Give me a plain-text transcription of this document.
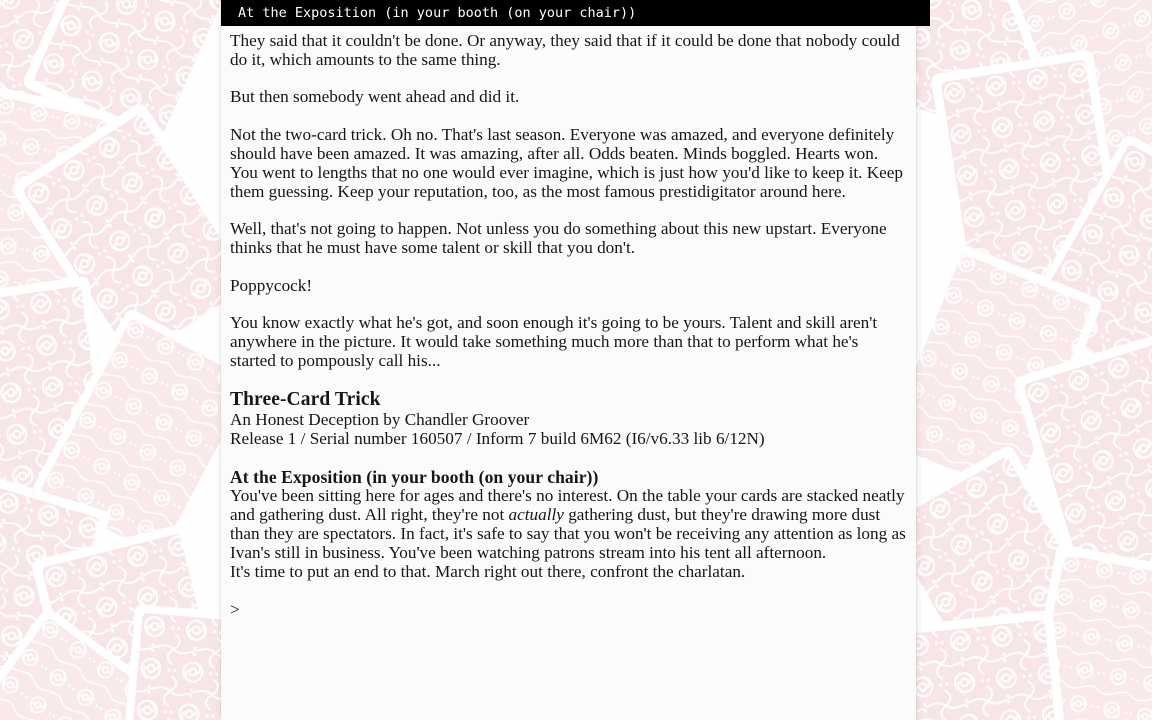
At the Exposition (in your booth (on your chair))

They said that it couldn't be done. Or anyway, they said that if it could be done that nobody could do it, which amounts to the same thing.

But then somebody went ahead and did it.

Not the two-card trick. Oh no. That's last season. Everyone was amazed, and everyone definitely should have been amazed. It was amazing, after all. Odds beaten. Minds boggled. Hearts won. You went to lengths that no one would ever imagine, which is just how you'd like to keep it. Keep them guessing. Keep your reputation, too, as the most famous prestidigitator around here.

Well, that's not going to happen. Not unless you do something about this new upstart. Everyone thinks that he must have some talent or skill that you don't.

Poppycock!

You know exactly what he's got, and soon enough it's going to be yours. Talent and skill aren't anywhere in the picture. It would take something much more than that to perform what he's started to pompously call his...

Three-Card Trick
An Honest Deception by Chandler Groover
Release 1 / Serial number 160507 / Inform 7 build 6M62 (I6/v6.33 lib 6/12N)
At the Exposition (in your booth (on your chair))

You've been sitting here for ages and there's no interest. On the table your cards are stacked neatly and gathering dust. All right, they're not actually gathering dust, but they're drawing more dust than they are spectators. In fact, it's safe to say that you won't be receiving any attention as long as Ivan's still in business. You've been watching patrons stream into his tent all afternoon.

It's time to put an end to that. March right out there, confront the charlatan.

>
